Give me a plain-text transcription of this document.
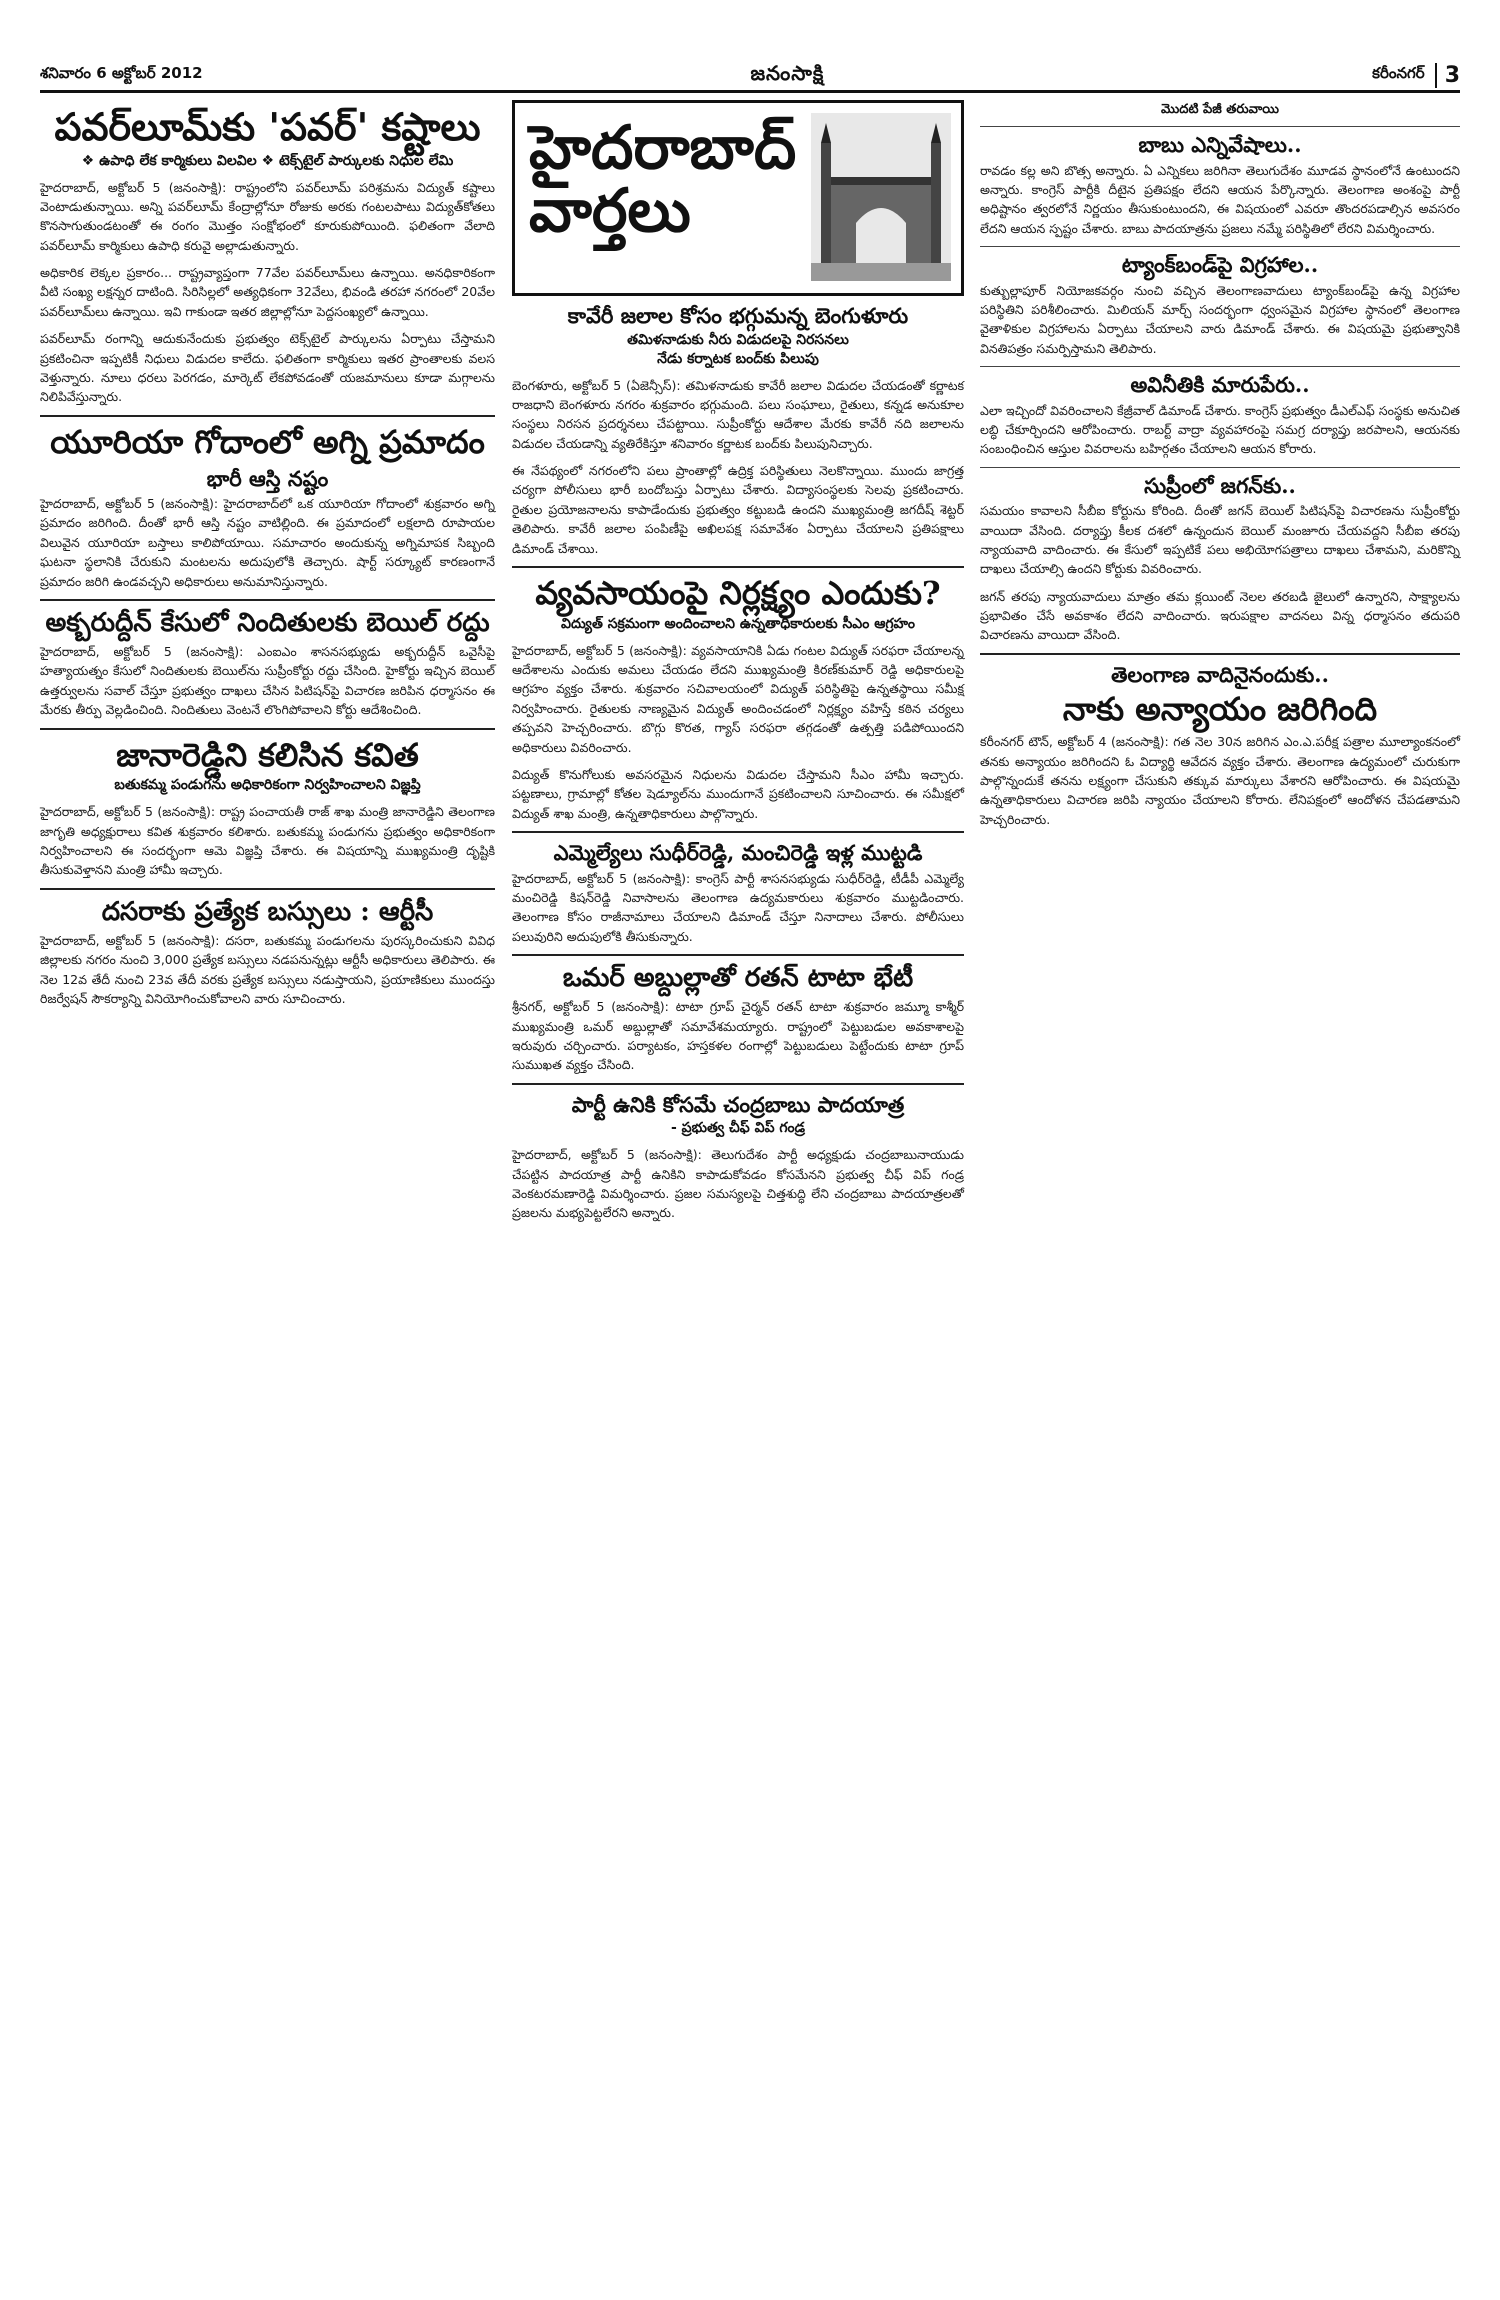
శనివారం 6 అక్టోబర్ 2012	జనంసాక్షి	కరీంనగర్ 3
పవర్‌లూమ్‌కు 'పవర్' కష్టాలు
❖ ఉపాధి లేక కార్మికులు విలవిల ❖ టెక్స్‌టైల్ పార్కులకు నిధుల లేమి

హైదరాబాద్, అక్టోబర్ 5 (జనంసాక్షి): రాష్ట్రంలోని పవర్‌లూమ్ పరిశ్రమను విద్యుత్ కష్టాలు వెంటాడుతున్నాయి. అన్ని పవర్‌లూమ్ కేంద్రాల్లోనూ రోజుకు అరకు గంటలపాటు విద్యుత్‌కోతలు కొనసాగుతుండటంతో ఈ రంగం మొత్తం సంక్షోభంలో కూరుకుపోయింది. ఫలితంగా వేలాది పవర్‌లూమ్ కార్మికులు ఉపాధి కరువై అల్లాడుతున్నారు.

అధికారిక లెక్కల ప్రకారం... రాష్ట్రవ్యాప్తంగా 77వేల పవర్‌లూమ్‌లు ఉన్నాయి. అనధికారికంగా వీటి సంఖ్య లక్షన్నర దాటింది. సిరిసిల్లలో అత్యధికంగా 32వేలు, భివండి తరహా నగరంలో 20వేల పవర్‌లూమ్‌లు ఉన్నాయి. ఇవి గాకుండా ఇతర జిల్లాల్లోనూ పెద్దసంఖ్యలో ఉన్నాయి.

పవర్‌లూమ్ రంగాన్ని ఆదుకునేందుకు ప్రభుత్వం టెక్స్‌టైల్ పార్కులను ఏర్పాటు చేస్తామని ప్రకటించినా ఇప్పటికీ నిధులు విడుదల కాలేదు. ఫలితంగా కార్మికులు ఇతర ప్రాంతాలకు వలస వెళ్తున్నారు. నూలు ధరలు పెరగడం, మార్కెట్ లేకపోవడంతో యజమానులు కూడా మగ్గాలను నిలిపివేస్తున్నారు.

యూరియా గోదాంలో అగ్ని ప్రమాదం
భారీ ఆస్తి నష్టం

హైదరాబాద్, అక్టోబర్ 5 (జనంసాక్షి): హైదరాబాద్‌లో ఒక యూరియా గోదాంలో శుక్రవారం అగ్ని ప్రమాదం జరిగింది. దీంతో భారీ ఆస్తి నష్టం వాటిల్లింది. ఈ ప్రమాదంలో లక్షలాది రూపాయల విలువైన యూరియా బస్తాలు కాలిపోయాయి. సమాచారం అందుకున్న అగ్నిమాపక సిబ్బంది ఘటనా స్థలానికి చేరుకుని మంటలను అదుపులోకి తెచ్చారు. షార్ట్ సర్క్యూట్ కారణంగానే ప్రమాదం జరిగి ఉండవచ్చని అధికారులు అనుమానిస్తున్నారు.

అక్బరుద్దీన్ కేసులో నిందితులకు బెయిల్ రద్దు

హైదరాబాద్, అక్టోబర్ 5 (జనంసాక్షి): ఎంఐఎం శాసనసభ్యుడు అక్బరుద్దీన్ ఒవైసీపై హత్యాయత్నం కేసులో నిందితులకు బెయిల్‌ను సుప్రీంకోర్టు రద్దు చేసింది. హైకోర్టు ఇచ్చిన బెయిల్ ఉత్తర్వులను సవాల్ చేస్తూ ప్రభుత్వం దాఖలు చేసిన పిటిషన్‌పై విచారణ జరిపిన ధర్మాసనం ఈ మేరకు తీర్పు వెల్లడించింది. నిందితులు వెంటనే లొంగిపోవాలని కోర్టు ఆదేశించింది.

జానారెడ్డిని కలిసిన కవిత
బతుకమ్మ పండుగను అధికారికంగా నిర్వహించాలని విజ్ఞప్తి

హైదరాబాద్, అక్టోబర్ 5 (జనంసాక్షి): రాష్ట్ర పంచాయతీ రాజ్ శాఖ మంత్రి జానారెడ్డిని తెలంగాణ జాగృతి అధ్యక్షురాలు కవిత శుక్రవారం కలిశారు. బతుకమ్మ పండుగను ప్రభుత్వం అధికారికంగా నిర్వహించాలని ఈ సందర్భంగా ఆమె విజ్ఞప్తి చేశారు. ఈ విషయాన్ని ముఖ్యమంత్రి దృష్టికి తీసుకువెళ్తానని మంత్రి హామీ ఇచ్చారు.

దసరాకు ప్రత్యేక బస్సులు : ఆర్టీసీ

హైదరాబాద్, అక్టోబర్ 5 (జనంసాక్షి): దసరా, బతుకమ్మ పండుగలను పురస్కరించుకుని వివిధ జిల్లాలకు నగరం నుంచి 3,000 ప్రత్యేక బస్సులు నడపనున్నట్లు ఆర్టీసీ అధికారులు తెలిపారు. ఈ నెల 12వ తేదీ నుంచి 23వ తేదీ వరకు ప్రత్యేక బస్సులు నడుస్తాయని, ప్రయాణికులు ముందస్తు రిజర్వేషన్ సౌకర్యాన్ని వినియోగించుకోవాలని వారు సూచించారు.

హైదరాబాద్
వార్తలు
కావేరీ జలాల కోసం భగ్గుమన్న బెంగుళూరు
తమిళనాడుకు నీరు విడుదలపై నిరసనలు
నేడు కర్నాటక బంద్‌కు పిలుపు

బెంగళూరు, అక్టోబర్ 5 (ఏజెన్సీస్): తమిళనాడుకు కావేరీ జలాల విడుదల చేయడంతో కర్ణాటక రాజధాని బెంగళూరు నగరం శుక్రవారం భగ్గుమంది. పలు సంఘాలు, రైతులు, కన్నడ అనుకూల సంస్థలు నిరసన ప్రదర్శనలు చేపట్టాయి. సుప్రీంకోర్టు ఆదేశాల మేరకు కావేరీ నది జలాలను విడుదల చేయడాన్ని వ్యతిరేకిస్తూ శనివారం కర్ణాటక బంద్‌కు పిలుపునిచ్చారు.

ఈ నేపథ్యంలో నగరంలోని పలు ప్రాంతాల్లో ఉద్రిక్త పరిస్థితులు నెలకొన్నాయి. ముందు జాగ్రత్త చర్యగా పోలీసులు భారీ బందోబస్తు ఏర్పాటు చేశారు. విద్యాసంస్థలకు సెలవు ప్రకటించారు. రైతుల ప్రయోజనాలను కాపాడేందుకు ప్రభుత్వం కట్టుబడి ఉందని ముఖ్యమంత్రి జగదీష్ శెట్టర్ తెలిపారు. కావేరీ జలాల పంపిణీపై అఖిలపక్ష సమావేశం ఏర్పాటు చేయాలని ప్రతిపక్షాలు డిమాండ్ చేశాయి.

వ్యవసాయంపై నిర్లక్ష్యం ఎందుకు?
విద్యుత్ సక్రమంగా అందించాలని ఉన్నతాధికారులకు సీఎం ఆగ్రహం

హైదరాబాద్, అక్టోబర్ 5 (జనంసాక్షి): వ్యవసాయానికి ఏడు గంటల విద్యుత్ సరఫరా చేయాలన్న ఆదేశాలను ఎందుకు అమలు చేయడం లేదని ముఖ్యమంత్రి కిరణ్‌కుమార్ రెడ్డి అధికారులపై ఆగ్రహం వ్యక్తం చేశారు. శుక్రవారం సచివాలయంలో విద్యుత్ పరిస్థితిపై ఉన్నతస్థాయి సమీక్ష నిర్వహించారు. రైతులకు నాణ్యమైన విద్యుత్ అందించడంలో నిర్లక్ష్యం వహిస్తే కఠిన చర్యలు తప్పవని హెచ్చరించారు. బొగ్గు కొరత, గ్యాస్ సరఫరా తగ్గడంతో ఉత్పత్తి పడిపోయిందని అధికారులు వివరించారు.

విద్యుత్ కొనుగోలుకు అవసరమైన నిధులను విడుదల చేస్తామని సీఎం హామీ ఇచ్చారు. పట్టణాలు, గ్రామాల్లో కోతల షెడ్యూల్‌ను ముందుగానే ప్రకటించాలని సూచించారు. ఈ సమీక్షలో విద్యుత్ శాఖ మంత్రి, ఉన్నతాధికారులు పాల్గొన్నారు.

ఎమ్మెల్యేలు సుధీర్‌రెడ్డి, మంచిరెడ్డి ఇళ్ల ముట్టడి

హైదరాబాద్, అక్టోబర్ 5 (జనంసాక్షి): కాంగ్రెస్ పార్టీ శాసనసభ్యుడు సుధీర్‌రెడ్డి, టీడీపీ ఎమ్మెల్యే మంచిరెడ్డి కిషన్‌రెడ్డి నివాసాలను తెలంగాణ ఉద్యమకారులు శుక్రవారం ముట్టడించారు. తెలంగాణ కోసం రాజీనామాలు చేయాలని డిమాండ్ చేస్తూ నినాదాలు చేశారు. పోలీసులు పలువురిని అదుపులోకి తీసుకున్నారు.

ఒమర్ అబ్దుల్లాతో రతన్ టాటా భేటీ

శ్రీనగర్, అక్టోబర్ 5 (జనంసాక్షి): టాటా గ్రూప్ చైర్మన్ రతన్ టాటా శుక్రవారం జమ్మూ కాశ్మీర్ ముఖ్యమంత్రి ఒమర్ అబ్దుల్లాతో సమావేశమయ్యారు. రాష్ట్రంలో పెట్టుబడుల అవకాశాలపై ఇరువురు చర్చించారు. పర్యాటకం, హస్తకళల రంగాల్లో పెట్టుబడులు పెట్టేందుకు టాటా గ్రూప్ సుముఖత వ్యక్తం చేసింది.

పార్టీ ఉనికి కోసమే చంద్రబాబు పాదయాత్ర
- ప్రభుత్వ చీఫ్ విప్ గండ్ర

హైదరాబాద్, అక్టోబర్ 5 (జనంసాక్షి): తెలుగుదేశం పార్టీ అధ్యక్షుడు చంద్రబాబునాయుడు చేపట్టిన పాదయాత్ర పార్టీ ఉనికిని కాపాడుకోవడం కోసమేనని ప్రభుత్వ చీఫ్ విప్ గండ్ర వెంకటరమణారెడ్డి విమర్శించారు. ప్రజల సమస్యలపై చిత్తశుద్ధి లేని చంద్రబాబు పాదయాత్రలతో ప్రజలను మభ్యపెట్టలేరని అన్నారు.

మొదటి పేజీ తరువాయి
బాబు ఎన్నివేషాలు..

రావడం కల్ల అని బొత్స అన్నారు. ఏ ఎన్నికలు జరిగినా తెలుగుదేశం మూడవ స్థానంలోనే ఉంటుందని అన్నారు. కాంగ్రెస్ పార్టీకి దీటైన ప్రతిపక్షం లేదని ఆయన పేర్కొన్నారు. తెలంగాణ అంశంపై పార్టీ అధిష్టానం త్వరలోనే నిర్ణయం తీసుకుంటుందని, ఈ విషయంలో ఎవరూ తొందరపడాల్సిన అవసరం లేదని ఆయన స్పష్టం చేశారు. బాబు పాదయాత్రను ప్రజలు నమ్మే పరిస్థితిలో లేరని విమర్శించారు.

ట్యాంక్‌బండ్‌పై విగ్రహాల..

కుత్బుల్లాపూర్ నియోజకవర్గం నుంచి వచ్చిన తెలంగాణవాదులు ట్యాంక్‌బండ్‌పై ఉన్న విగ్రహాల పరిస్థితిని పరిశీలించారు. మిలియన్ మార్చ్ సందర్భంగా ధ్వంసమైన విగ్రహాల స్థానంలో తెలంగాణ వైతాళికుల విగ్రహాలను ఏర్పాటు చేయాలని వారు డిమాండ్ చేశారు. ఈ విషయమై ప్రభుత్వానికి వినతిపత్రం సమర్పిస్తామని తెలిపారు.

అవినీతికి మారుపేరు..

ఎలా ఇచ్చిందో వివరించాలని కేజ్రీవాల్ డిమాండ్ చేశారు. కాంగ్రెస్ ప్రభుత్వం డీఎల్ఎఫ్ సంస్థకు అనుచిత లబ్ధి చేకూర్చిందని ఆరోపించారు. రాబర్ట్ వాద్రా వ్యవహారంపై సమగ్ర దర్యాప్తు జరపాలని, ఆయనకు సంబంధించిన ఆస్తుల వివరాలను బహిర్గతం చేయాలని ఆయన కోరారు.

సుప్రీంలో జగన్‌కు..

సమయం కావాలని సీబీఐ కోర్టును కోరింది. దీంతో జగన్ బెయిల్ పిటిషన్‌పై విచారణను సుప్రీంకోర్టు వాయిదా వేసింది. దర్యాప్తు కీలక దశలో ఉన్నందున బెయిల్ మంజూరు చేయవద్దని సీబీఐ తరపు న్యాయవాది వాదించారు. ఈ కేసులో ఇప్పటికే పలు అభియోగపత్రాలు దాఖలు చేశామని, మరికొన్ని దాఖలు చేయాల్సి ఉందని కోర్టుకు వివరించారు.

జగన్ తరపు న్యాయవాదులు మాత్రం తమ క్లయింట్ నెలల తరబడి జైలులో ఉన్నారని, సాక్ష్యాలను ప్రభావితం చేసే అవకాశం లేదని వాదించారు. ఇరుపక్షాల వాదనలు విన్న ధర్మాసనం తదుపరి విచారణను వాయిదా వేసింది.

తెలంగాణ వాదినైనందుకు..
నాకు అన్యాయం జరిగింది

కరీంనగర్ టౌన్, అక్టోబర్ 4 (జనంసాక్షి): గత నెల 30న జరిగిన ఎం.ఎ.పరీక్ష పత్రాల మూల్యాంకనంలో తనకు అన్యాయం జరిగిందని ఓ విద్యార్థి ఆవేదన వ్యక్తం చేశారు. తెలంగాణ ఉద్యమంలో చురుకుగా పాల్గొన్నందుకే తనను లక్ష్యంగా చేసుకుని తక్కువ మార్కులు వేశారని ఆరోపించారు. ఈ విషయమై ఉన్నతాధికారులు విచారణ జరిపి న్యాయం చేయాలని కోరారు. లేనిపక్షంలో ఆందోళన చేపడతామని హెచ్చరించారు.
